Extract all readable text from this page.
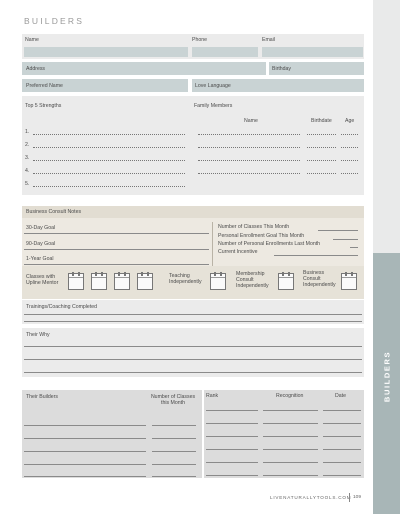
BUILDERS
BUILDERS
Name	Phone	Email
Address	Birthday
Preferred Name	Love Language
Top 5 Strengths	Family Members
Name	Birthdate	Age
1.
2.
3.
4.
5.
Business Consult Notes
30-Day Goal
90-Day Goal
1-Year Goal
Number of Classes This Month
Personal Enrollment Goal This Month
Number of Personal Enrollments Last Month
Current Incentive
Classes with Upline Mentor
Teaching Independently
Membership Consult Independently
Business Consult Independently
Trainings/Coaching Completed
Their Why
Their Builders	Number of Classes this Month
Rank	Recognition	Date
LIVENATURALLYTOOLS.COM 109
